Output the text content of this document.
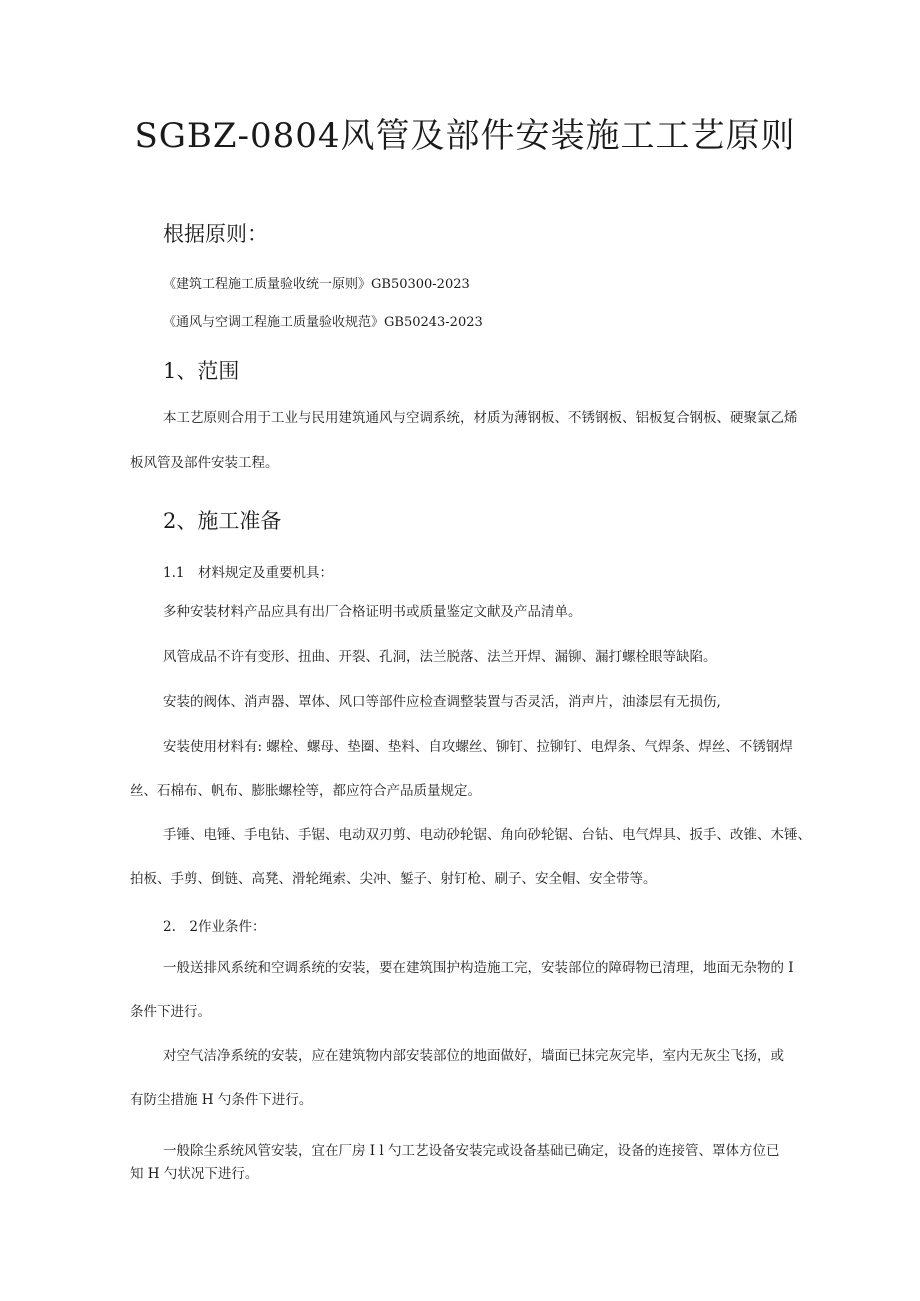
SGBZ-0804风管及部件安装施工工艺原则
根据原则：

《建筑工程施工质量验收统一原则》GB50300-2023

《通风与空调工程施工质量验收规范》GB50243-2023

1、范围

本工艺原则合用于工业与民用建筑通风与空调系统，材质为薄钢板、不锈钢板、铝板复合钢板、硬聚氯乙烯

板风管及部件安装工程。

2、施工准备

1.1　材料规定及重要机具：

多种安装材料产品应具有出厂合格证明书或质量鉴定文献及产品清单。

风管成品不许有变形、扭曲、开裂、孔洞，法兰脱落、法兰开焊、漏铆、漏打螺栓眼等缺陷。

安装的阀体、消声器、罩体、风口等部件应检查调整装置与否灵活，消声片，油漆层有无损伤,

安装使用材料有: 螺栓、螺母、垫圈、垫料、自攻螺丝、铆钉、拉铆钉、电焊条、气焊条、焊丝、不锈钢焊

丝、石棉布、帆布、膨胀螺栓等，都应符合产品质量规定。

手锤、电锤、手电钻、手锯、电动双刃剪、电动砂轮锯、角向砂轮锯、台钻、电气焊具、扳手、改锥、木锤、

拍板、手剪、倒链、高凳、滑轮绳索、尖冲、錾子、射钉枪、刷子、安全帽、安全带等。

2.　2作业条件：

一般送排风系统和空调系统的安装，要在建筑围护构造施工完，安装部位的障碍物已清理，地面无杂物的 I

条件下进行。

对空气洁净系统的安装，应在建筑物内部安装部位的地面做好，墙面已抹完灰完毕，室内无灰尘飞扬，或

有防尘措施 H 勺条件下进行。

一般除尘系统风管安装，宜在厂房 I l 勺工艺设备安装完或设备基础已确定，设备的连接管、罩体方位已

知 H 勺状况下进行。
